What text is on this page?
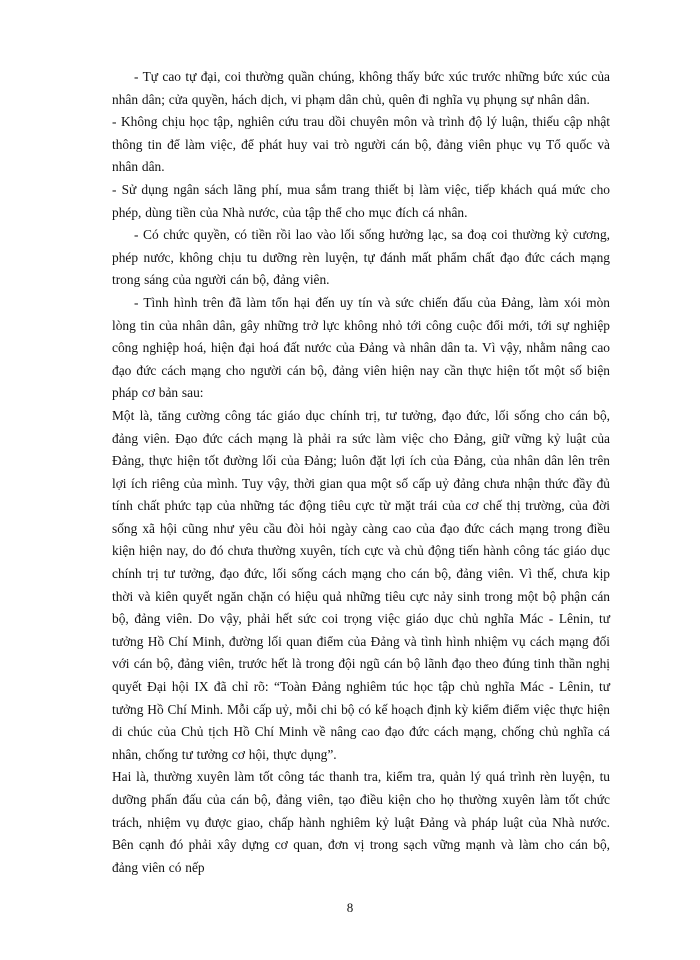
- Tự cao tự đại, coi thường quần chúng, không thấy bức xúc trước những bức xúc của nhân dân; cửa quyền, hách dịch, vi phạm dân chủ, quên đi nghĩa vụ phụng sự nhân dân.

- Không chịu học tập, nghiên cứu trau dồi chuyên môn và trình độ lý luận, thiếu cập nhật thông tin để làm việc, để phát huy vai trò người cán bộ, đảng viên phục vụ Tổ quốc và nhân dân.

- Sử dụng ngân sách lãng phí, mua sắm trang thiết bị làm việc, tiếp khách quá mức cho phép, dùng tiền của Nhà nước, của tập thể cho mục đích cá nhân.

- Có chức quyền, có tiền rồi lao vào lối sống hưởng lạc, sa đoạ coi thường kỷ cương, phép nước, không chịu tu dưỡng rèn luyện, tự đánh mất phẩm chất đạo đức cách mạng trong sáng của người cán bộ, đảng viên.

- Tình hình trên đã làm tổn hại đến uy tín và sức chiến đấu của Đảng, làm xói mòn lòng tin của nhân dân, gây những trở lực không nhỏ tới công cuộc đổi mới, tới sự nghiệp công nghiệp hoá, hiện đại hoá đất nước của Đảng và nhân dân ta. Vì vậy, nhằm nâng cao đạo đức cách mạng cho người cán bộ, đảng viên hiện nay cần thực hiện tốt một số biện pháp cơ bản sau:

Một là, tăng cường công tác giáo dục chính trị, tư tưởng, đạo đức, lối sống cho cán bộ, đảng viên. Đạo đức cách mạng là phải ra sức làm việc cho Đảng, giữ vững kỷ luật của Đảng, thực hiện tốt đường lối của Đảng; luôn đặt lợi ích của Đảng, của nhân dân lên trên lợi ích riêng của mình. Tuy vậy, thời gian qua một số cấp uỷ đảng chưa nhận thức đầy đủ tính chất phức tạp của những tác động tiêu cực từ mặt trái của cơ chế thị trường, của đời sống xã hội cũng như yêu cầu đòi hỏi ngày càng cao của đạo đức cách mạng trong điều kiện hiện nay, do đó chưa thường xuyên, tích cực và chủ động tiến hành công tác giáo dục chính trị tư tưởng, đạo đức, lối sống cách mạng cho cán bộ, đảng viên. Vì thế, chưa kịp thời và kiên quyết ngăn chặn có hiệu quả những tiêu cực nảy sinh trong một bộ phận cán bộ, đảng viên. Do vậy, phải hết sức coi trọng việc giáo dục chủ nghĩa Mác - Lênin, tư tưởng Hồ Chí Minh, đường lối quan điểm của Đảng và tình hình nhiệm vụ cách mạng đối với cán bộ, đảng viên, trước hết là trong đội ngũ cán bộ lãnh đạo theo đúng tinh thần nghị quyết Đại hội IX đã chỉ rõ: “Toàn Đảng nghiêm túc học tập chủ nghĩa Mác - Lênin, tư tưởng Hồ Chí Minh. Mỗi cấp uỷ, mỗi chi bộ có kế hoạch định kỳ kiểm điểm việc thực hiện di chúc của Chủ tịch Hồ Chí Minh về nâng cao đạo đức cách mạng, chống chủ nghĩa cá nhân, chống tư tưởng cơ hội, thực dụng”.

Hai là, thường xuyên làm tốt công tác thanh tra, kiểm tra, quản lý quá trình rèn luyện, tu dưỡng phấn đấu của cán bộ, đảng viên, tạo điều kiện cho họ thường xuyên làm tốt chức trách, nhiệm vụ được giao, chấp hành nghiêm kỷ luật Đảng và pháp luật của Nhà nước. Bên cạnh đó phải xây dựng cơ quan, đơn vị trong sạch vững mạnh và làm cho cán bộ, đảng viên có nếp

8
